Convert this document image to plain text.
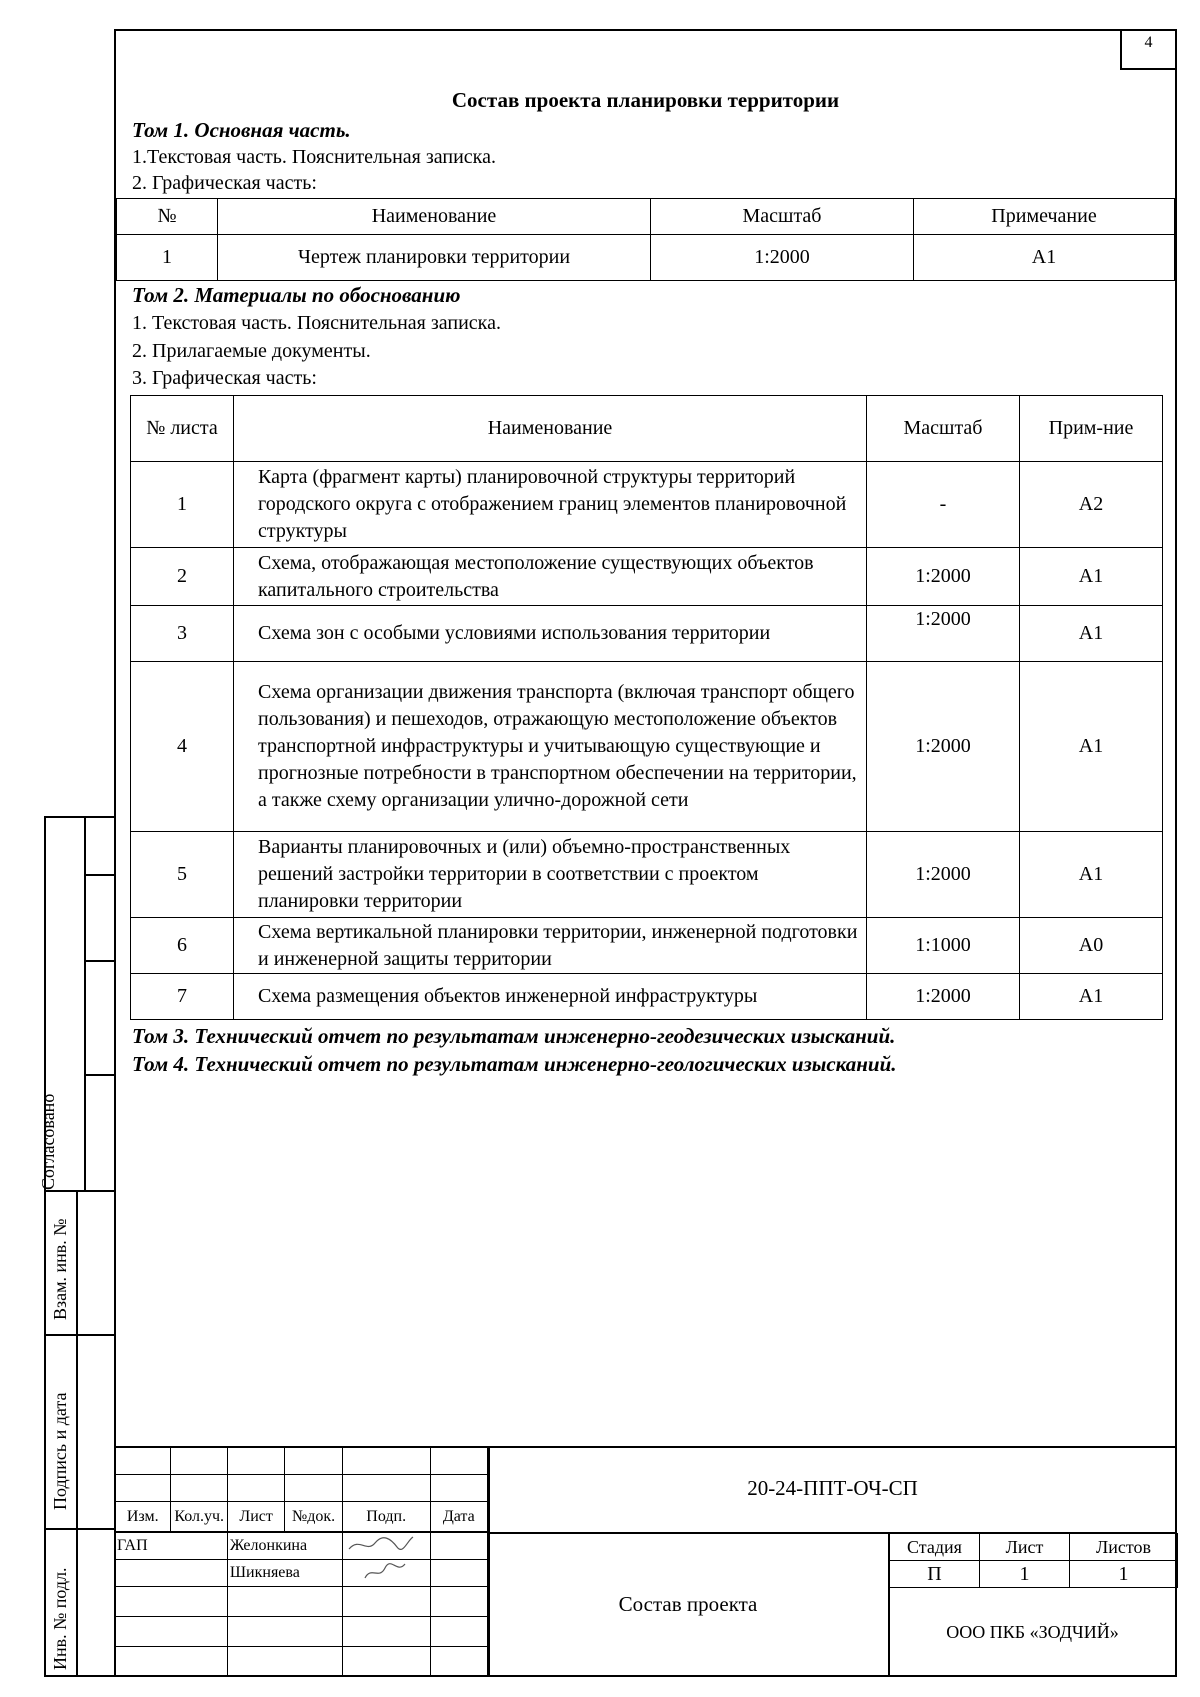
4
Состав проекта планировки территории
Том 1. Основная часть.
1.Текстовая часть. Пояснительная записка.
2. Графическая часть:
№	Наименование	Масштаб	Примечание
1	Чертеж планировки территории	1:2000	А1
Том 2. Материалы по обоснованию
1. Текстовая часть. Пояснительная записка.
2. Прилагаемые документы.
3. Графическая часть:
№ листа	Наименование	Масштаб	Прим-ние
1	Карта (фрагмент карты) планировочной структуры территорий городского округа с отображением границ элементов планировочной структуры	-	А2
2	Схема, отображающая местоположение существующих объектов капитального строительства	1:2000	А1
3	Схема зон с особыми условиями использования территории	1:2000	А1
4	Схема организации движения транспорта (включая транспорт общего пользования) и пешеходов, отражающую местоположение объектов транспортной инфраструктуры и учитывающую существующие и прогнозные потребности в транспортном обеспечении на территории, а также схему организации улично-дорожной сети	1:2000	А1
5	Варианты планировочных и (или) объемно-пространственных решений застройки территории в соответствии с проектом планировки территории	1:2000	А1
6	Схема вертикальной планировки территории, инженерной подготовки и инженерной защиты территории	1:1000	А0
7	Схема размещения объектов инженерной инфраструктуры	1:2000	А1
Том 3. Технический отчет по результатам инженерно-геодезических изысканий.
Том 4. Технический отчет по результатам инженерно-геологических изысканий.
Согласовано
Взам. инв. №
Подпись и дата
Инв. № подл.

Изм.	Кол.уч.	Лист	№док.	Подп.	Дата
ГАП	Желонкина		
	Шикняева		

20-24-ППТ-ОЧ-СП
Состав проекта
Стадия	Лист	Листов
П	1	1
ООО ПКБ «ЗОДЧИЙ»
